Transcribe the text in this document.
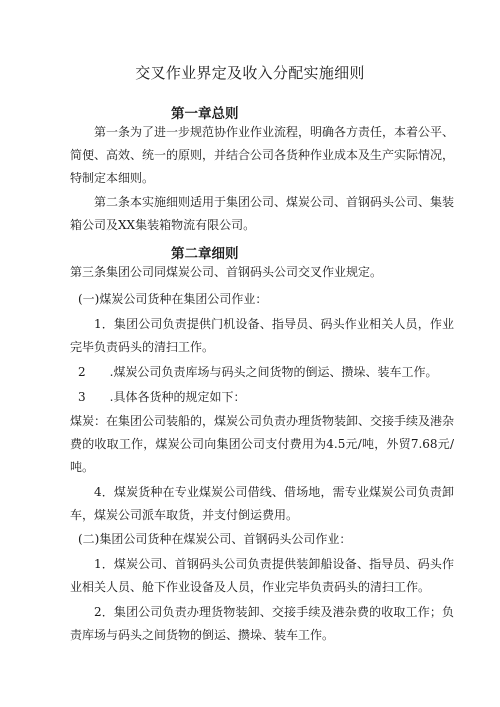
交叉作业界定及收入分配实施细则
第一章总则

第一条为了进一步规范协作业作业流程，明确各方责任，本着公平、简便、高效、统一的原则，并结合公司各货种作业成本及生产实际情况，特制定本细则。

第二条本实施细则适用于集团公司、煤炭公司、首钢码头公司、集装箱公司及XX集装箱物流有限公司。

第二章细则

第三条集团公司同煤炭公司、首钢码头公司交叉作业规定。

(一)煤炭公司货种在集团公司作业：

1．集团公司负责提供门机设备、指导员、码头作业相关人员，作业完毕负责码头的清扫工作。

2　　.煤炭公司负责库场与码头之间货物的倒运、攒垛、装车工作。

3　　.具体各货种的规定如下：

煤炭：在集团公司装船的，煤炭公司负责办理货物装卸、交接手续及港杂费的收取工作，煤炭公司向集团公司支付费用为4.5元/吨，外贸7.68元/吨。

4．煤炭货种在专业煤炭公司借线、借场地，需专业煤炭公司负责卸车，煤炭公司派车取货，并支付倒运费用。

(二)集团公司货种在煤炭公司、首钢码头公司作业：

1．煤炭公司、首钢码头公司负责提供装卸船设备、指导员、码头作业相关人员、舱下作业设备及人员，作业完毕负责码头的清扫工作。

2．集团公司负责办理货物装卸、交接手续及港杂费的收取工作；负责库场与码头之间货物的倒运、攒垛、装车工作。
